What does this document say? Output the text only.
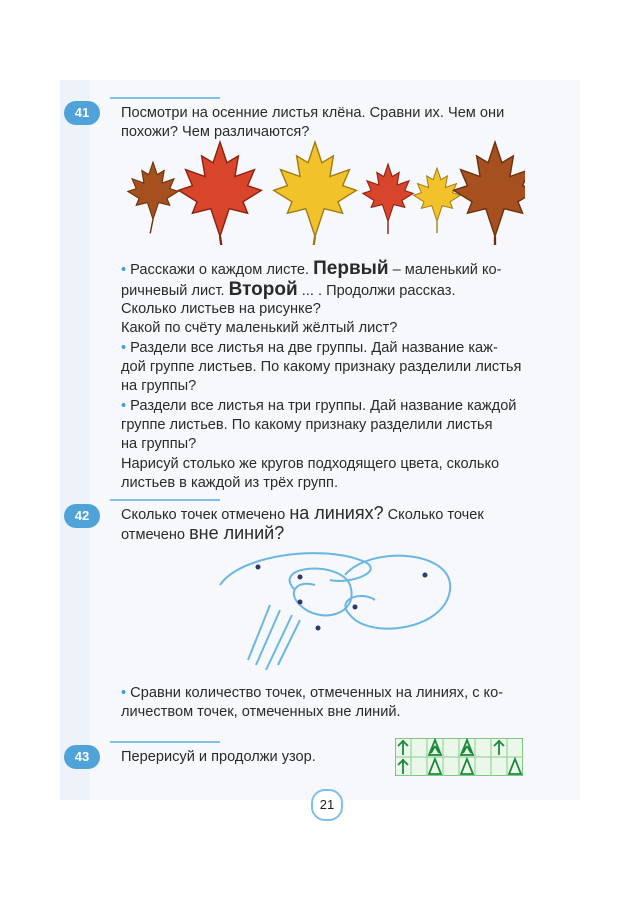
41	Посмотри на осенние листья клёна. Сравни их. Чем они
похожи? Чем различаются?
• Расскажи о каждом листе. Первый – маленький ко-
ричневый лист. Второй ... . Продолжи рассказ.
Сколько листьев на рисунке?
Какой по счёту маленький жёлтый лист?
• Раздели все листья на две группы. Дай название каж-
дой группе листьев. По какому признаку разделили листья
на группы?
• Раздели все листья на три группы. Дай название каждой
группе листьев. По какому признаку разделили листья
на группы?
Нарисуй столько же кругов подходящего цвета, сколько
листьев в каждой из трёх групп.
42	Сколько точек отмечено на линиях? Сколько точек
отмечено вне линий?
• Сравни количество точек, отмеченных на линиях, с ко-
личеством точек, отмеченных вне линий.
43	Перерисуй и продолжи узор.
21
